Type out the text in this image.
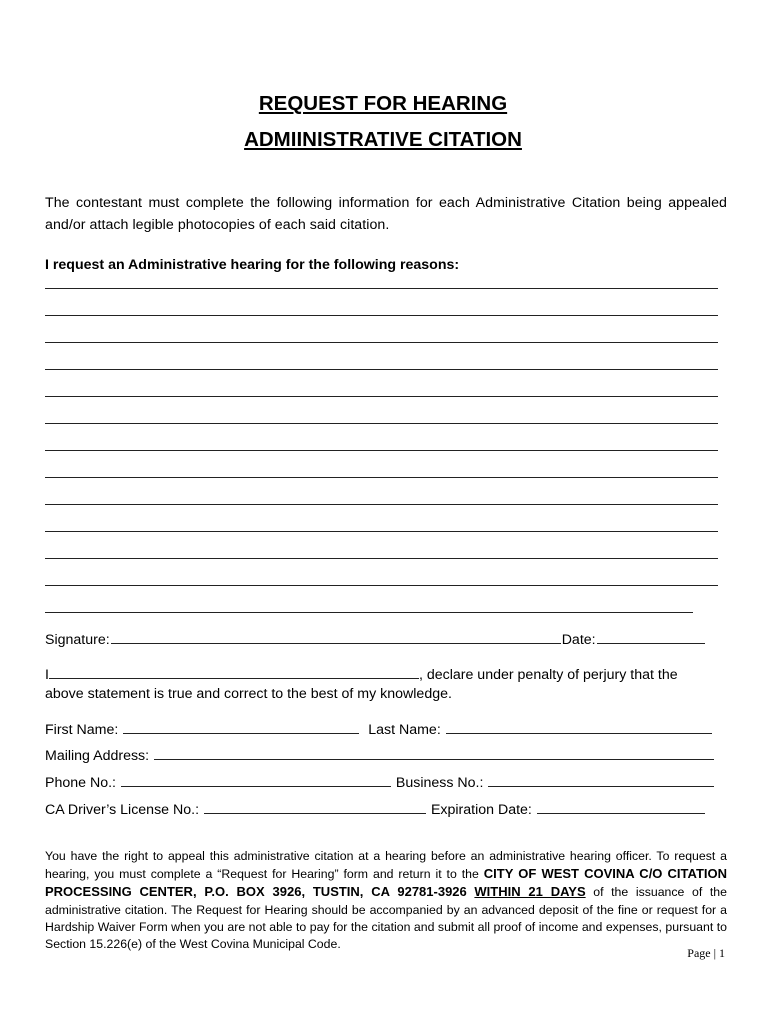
REQUEST FOR HEARING
ADMIINISTRATIVE CITATION
The contestant must complete the following information for each Administrative Citation being appealed and/or attach legible photocopies of each said citation.
I request an Administrative hearing for the following reasons:
Signature:	Date:
I	, declare under penalty of perjury that the
above statement is true and correct to the best of my knowledge.
First Name:	Last Name:
Mailing Address:
Phone No.:	Business No.:
CA Driver’s License No.:	Expiration Date:
You have the right to appeal this administrative citation at a hearing before an administrative hearing officer. To request a hearing, you must complete a “Request for Hearing” form and return it to the CITY OF WEST COVINA C/O CITATION PROCESSING CENTER, P.O. BOX 3926, TUSTIN, CA 92781-3926 WITHIN 21 DAYS of the issuance of the administrative citation. The Request for Hearing should be accompanied by an advanced deposit of the fine or request for a Hardship Waiver Form when you are not able to pay for the citation and submit all proof of income and expenses, pursuant to Section 15.226(e) of the West Covina Municipal Code.
Page | 1
